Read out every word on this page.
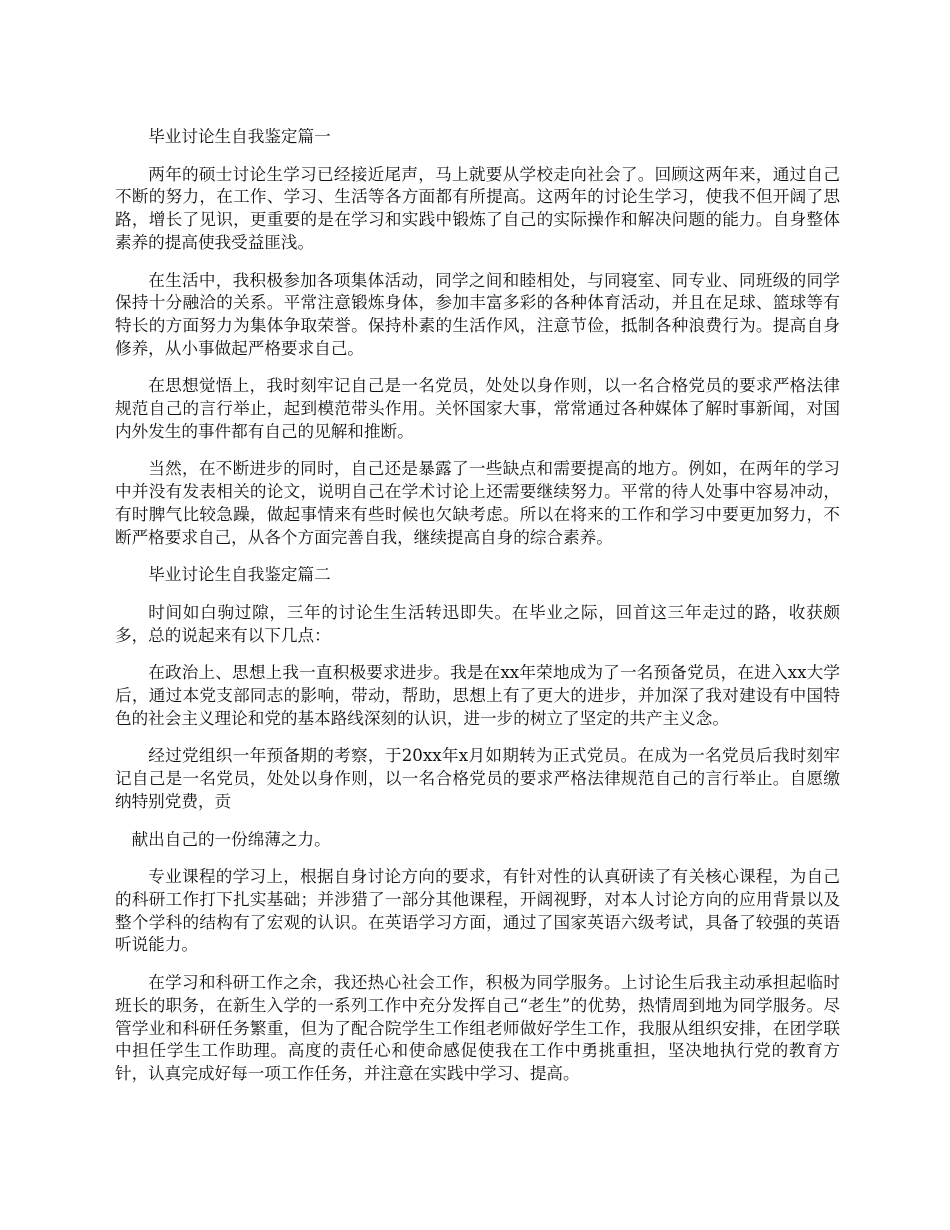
毕业讨论生自我鉴定篇一

两年的硕士讨论生学习已经接近尾声，马上就要从学校走向社会了。回顾这两年来，通过自己不断的努力，在工作、学习、生活等各方面都有所提高。这两年的讨论生学习，使我不但开阔了思路，增长了见识，更重要的是在学习和实践中锻炼了自己的实际操作和解决问题的能力。自身整体素养的提高使我受益匪浅。

在生活中，我积极参加各项集体活动，同学之间和睦相处，与同寝室、同专业、同班级的同学保持十分融洽的关系。平常注意锻炼身体，参加丰富多彩的各种体育活动，并且在足球、篮球等有特长的方面努力为集体争取荣誉。保持朴素的生活作风，注意节俭，抵制各种浪费行为。提高自身修养，从小事做起严格要求自己。

在思想觉悟上，我时刻牢记自己是一名党员，处处以身作则，以一名合格党员的要求严格法律规范自己的言行举止，起到模范带头作用。关怀国家大事，常常通过各种媒体了解时事新闻，对国内外发生的事件都有自己的见解和推断。

当然，在不断进步的同时，自己还是暴露了一些缺点和需要提高的地方。例如，在两年的学习中并没有发表相关的论文，说明自己在学术讨论上还需要继续努力。平常的待人处事中容易冲动，有时脾气比较急躁，做起事情来有些时候也欠缺考虑。所以在将来的工作和学习中要更加努力，不断严格要求自己，从各个方面完善自我，继续提高自身的综合素养。

毕业讨论生自我鉴定篇二

时间如白驹过隙，三年的讨论生生活转迅即失。在毕业之际，回首这三年走过的路，收获颇多，总的说起来有以下几点：

在政治上、思想上我一直积极要求进步。我是在xx年荣地成为了一名预备党员，在进入xx大学后，通过本党支部同志的影响，带动，帮助，思想上有了更大的进步，并加深了我对建设有中国特色的社会主义理论和党的基本路线深刻的认识，进一步的树立了坚定的共产主义念。

经过党组织一年预备期的考察，于20xx年x月如期转为正式党员。在成为一名党员后我时刻牢记自己是一名党员，处处以身作则，以一名合格党员的要求严格法律规范自己的言行举止。自愿缴纳特别党费，贡

献出自己的一份绵薄之力。

专业课程的学习上，根据自身讨论方向的要求，有针对性的认真研读了有关核心课程，为自己的科研工作打下扎实基础；并涉猎了一部分其他课程，开阔视野，对本人讨论方向的应用背景以及整个学科的结构有了宏观的认识。在英语学习方面，通过了国家英语六级考试，具备了较强的英语听说能力。

在学习和科研工作之余，我还热心社会工作，积极为同学服务。上讨论生后我主动承担起临时班长的职务，在新生入学的一系列工作中充分发挥自己“老生”的优势，热情周到地为同学服务。尽管学业和科研任务繁重，但为了配合院学生工作组老师做好学生工作，我服从组织安排，在团学联中担任学生工作助理。高度的责任心和使命感促使我在工作中勇挑重担，坚决地执行党的教育方针，认真完成好每一项工作任务，并注意在实践中学习、提高。
